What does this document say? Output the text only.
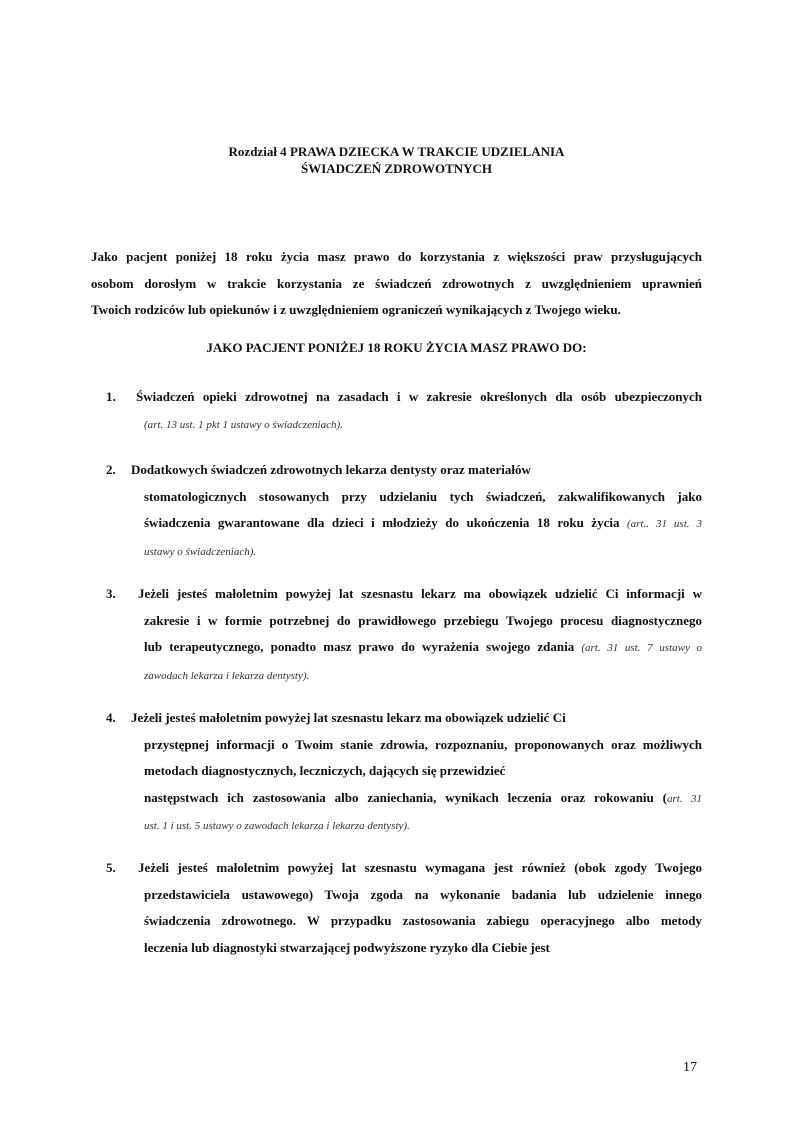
Rozdział 4 PRAWA DZIECKA W TRAKCIE UDZIELANIA
ŚWIADCZEŃ ZDROWOTNYCH
Jako pacjent poniżej 18 roku życia masz prawo do korzystania z większości praw przysługujących
osobom dorosłym w trakcie korzystania ze świadczeń zdrowotnych z uwzględnieniem uprawnień
Twoich rodziców lub opiekunów i z uwzględnieniem ograniczeń wynikających z Twojego wieku.
JAKO PACJENT PONIŻEJ 18 ROKU ŻYCIA MASZ PRAWO DO:
1. Świadczeń opieki zdrowotnej na zasadach i w zakresie określonych dla osób ubezpieczonych
(art. 13 ust. 1 pkt 1 ustawy o świadczeniach).
2. Dodatkowych świadczeń zdrowotnych lekarza dentysty oraz materiałów
stomatologicznych stosowanych przy udzielaniu tych świadczeń, zakwalifikowanych jako
świadczenia gwarantowane dla dzieci i młodzieży do ukończenia 18 roku życia (art.. 31 ust. 3
ustawy o świadczeniach).
3. Jeżeli jesteś małoletnim powyżej lat szesnastu lekarz ma obowiązek udzielić Ci informacji w
zakresie i w formie potrzebnej do prawidłowego przebiegu Twojego procesu diagnostycznego
lub terapeutycznego, ponadto masz prawo do wyrażenia swojego zdania (art. 31 ust. 7 ustawy o
zawodach lekarza i lekarza dentysty).
4. Jeżeli jesteś małoletnim powyżej lat szesnastu lekarz ma obowiązek udzielić Ci
przystępnej informacji o Twoim stanie zdrowia, rozpoznaniu, proponowanych oraz możliwych
metodach diagnostycznych, leczniczych, dających się przewidzieć
następstwach ich zastosowania albo zaniechania, wynikach leczenia oraz rokowaniu (art. 31
ust. 1 i ust. 5 ustawy o zawodach lekarza i lekarza dentysty).
5. Jeżeli jesteś małoletnim powyżej lat szesnastu wymagana jest również (obok zgody Twojego
przedstawiciela ustawowego) Twoja zgoda na wykonanie badania lub udzielenie innego
świadczenia zdrowotnego. W przypadku zastosowania zabiegu operacyjnego albo metody
leczenia lub diagnostyki stwarzającej podwyższone ryzyko dla Ciebie jest
17
